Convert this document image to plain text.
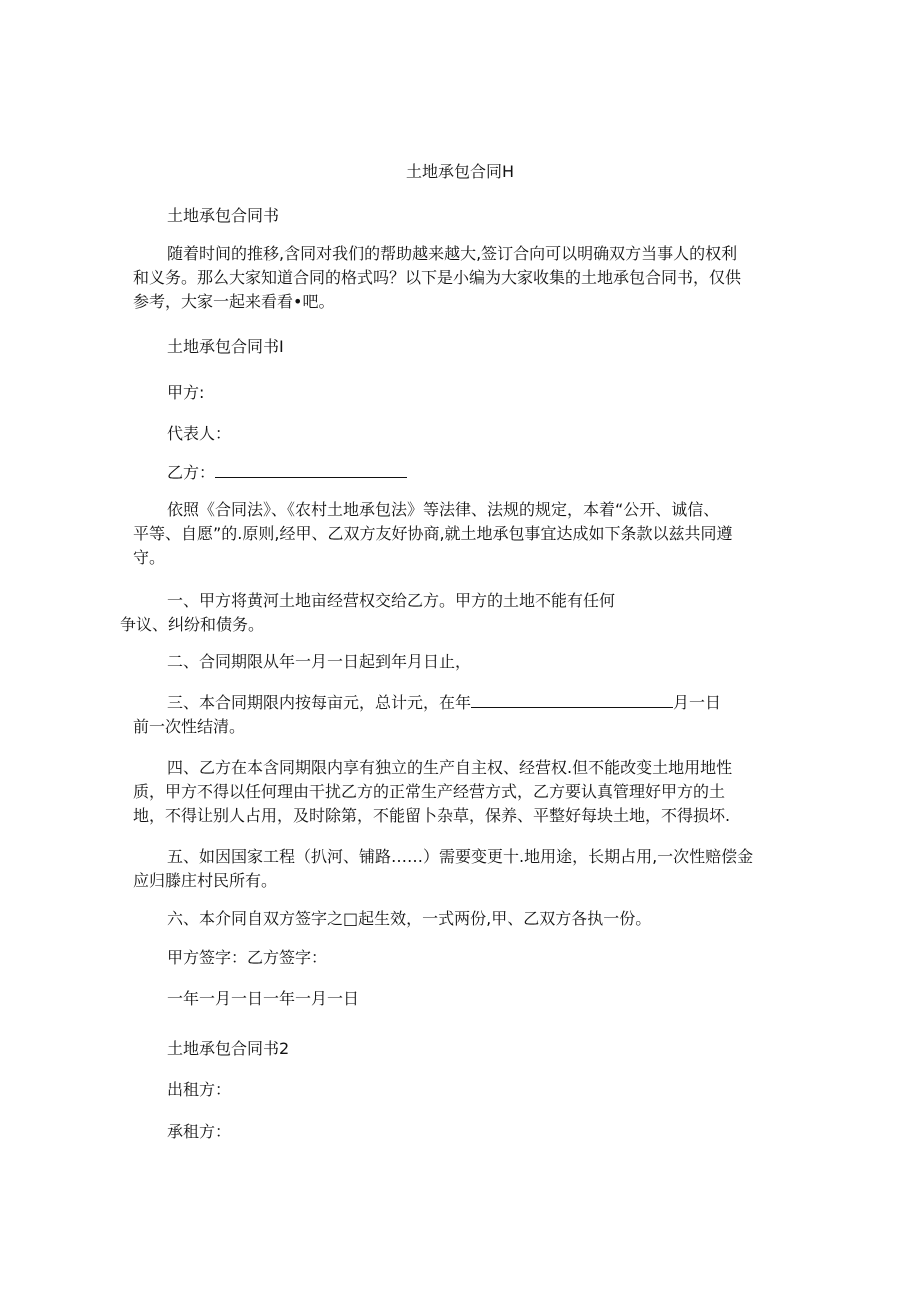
土地承包合同H
土地承包合同书
随着时间的推移,含同对我们的帮助越来越大,签订合向可以明确双方当事人的权利
和义务。那么大家知道合同的格式吗？以下是小编为大家收集的土地承包合同书，仅供
参考，大家一起来看看•吧。
土地承包合同书I
甲方:
代表人：
乙方：
依照《合同法》、《农村土地承包法》等法律、法规的规定，本着“公开、诚信、
平等、自愿”的.原则,经甲、乙双方友好协商,就土地承包事宜达成如下条款以兹共同遵
守。
一、甲方将黄河土地亩经营权交给乙方。甲方的土地不能有任何
争议、纠纷和债务。
二、合同期限从年一月一日起到年月日止，
三、本合同期限内按每亩元，总计元，在年	月一日
前一次性结清。
四、乙方在本含同期限内享有独立的生产自主权、经营权.但不能改变土地用地性
质，甲方不得以任何理由干扰乙方的正常生产经营方式，乙方要认真管理好甲方的土
地，不得让别人占用，及时除第，不能留卜杂草，保养、平整好每块土地，不得损坏.
五、如因国家工程（扒河、铺路……）需要变更十.地用途，长期占用,一次性赔偿金
应归滕庄村民所有。
六、本介同自双方签字之□起生效，一式两份,甲、乙双方各执一份。
甲方签字：乙方签字：
一年一月一日一年一月一日
土地承包合同书2
出租方：
承租方：
